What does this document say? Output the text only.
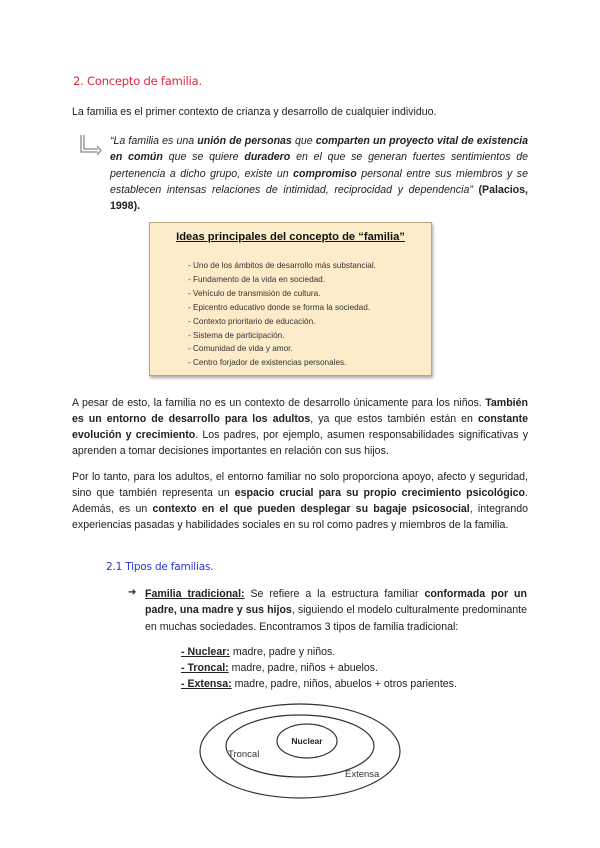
2. Concepto de familia.

La familia es el primer contexto de crianza y desarrollo de cualquier individuo.

“La familia es una unión de personas que comparten un proyecto vital de existencia en común que se quiere duradero en el que se generan fuertes sentimientos de pertenencia a dicho grupo, existe un compromiso personal entre sus miembros y se establecen intensas relaciones de intimidad, reciprocidad y dependencia” (Palacios, 1998).

Ideas principales del concepto de “familia”
- Uno de los ámbitos de desarrollo más substancial.
- Fundamento de la vida en sociedad.
- Vehículo de transmisión de cultura.
- Epicentro educativo donde se forma la sociedad.
- Contexto prioritario de educación.
- Sistema de participación.
- Comunidad de vida y amor.
- Centro forjador de existencias personales.

A pesar de esto, la familia no es un contexto de desarrollo únicamente para los niños. También es un entorno de desarrollo para los adultos, ya que estos también están en constante evolución y crecimiento. Los padres, por ejemplo, asumen responsabilidades significativas y aprenden a tomar decisiones importantes en relación con sus hijos.

Por lo tanto, para los adultos, el entorno familiar no solo proporciona apoyo, afecto y seguridad, sino que también representa un espacio crucial para su propio crecimiento psicológico. Además, es un contexto en el que pueden desplegar su bagaje psicosocial, integrando experiencias pasadas y habilidades sociales en su rol como padres y miembros de la familia.

2.1 Tipos de familias.
➔ Familia tradicional: Se refiere a la estructura familiar conformada por un padre, una madre y sus hijos, siguiendo el modelo culturalmente predominante en muchas sociedades. Encontramos 3 tipos de familia tradicional:

- Nuclear: madre, padre y niños.

- Troncal: madre, padre, niños + abuelos.

- Extensa: madre, padre, niños, abuelos + otros parientes.

Nuclear
Troncal
Extensa
